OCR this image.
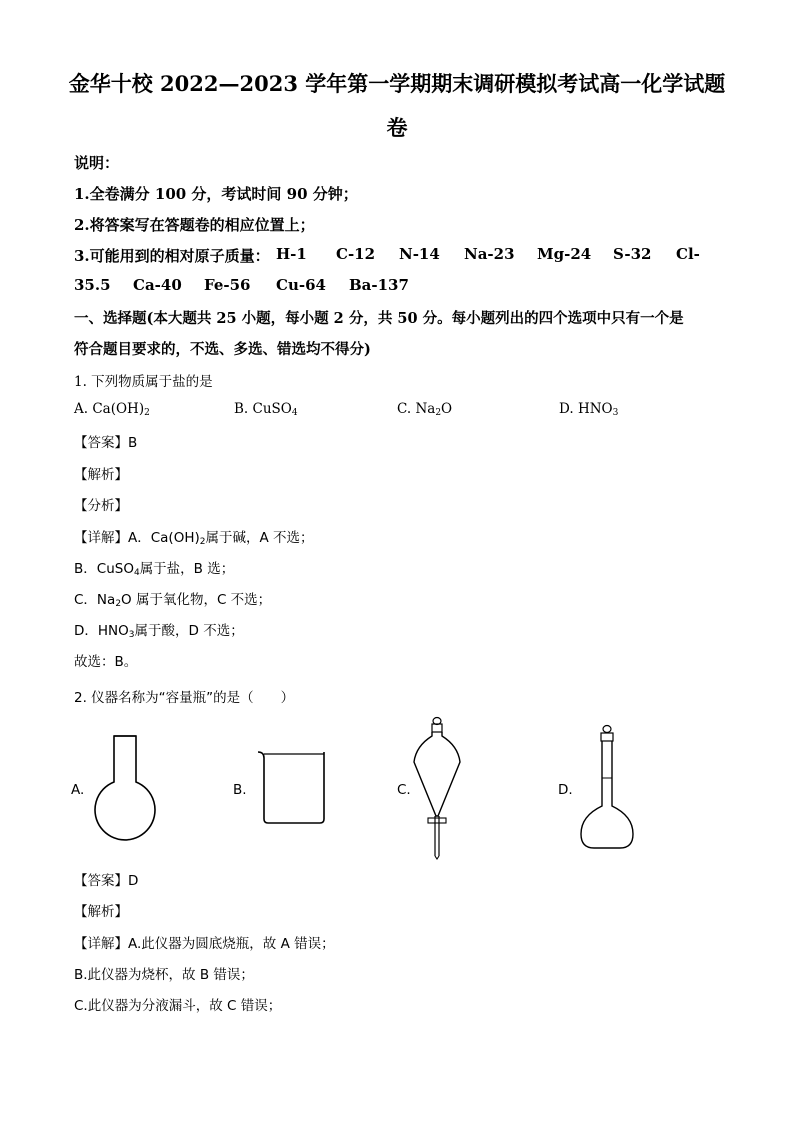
金华十校 2022—2023 学年第一学期期末调研模拟考试高一化学试题
卷
说明：
1.全卷满分 100 分，考试时间 90 分钟；
2.将答案写在答题卷的相应位置上；
3.可能用到的相对原子质量： H-1 C-12 N-14 Na-23 Mg-24 S-32 Cl-
35.5 Ca-40 Fe-56 Cu-64 Ba-137
一、选择题(本大题共 25 小题，每小题 2 分，共 50 分。每小题列出的四个选项中只有一个是
符合题目要求的，不选、多选、错选均不得分)
1. 下列物质属于盐的是
A. $Ca(OH)_2$	B. CuSO$_4$	C. $Na_2O$	D. $HNO_3$
【答案】B
【解析】
【分析】
【详解】A．$Ca(OH)_2$属于碱，A 不选；
B．CuSO$_4$属于盐，B 选；
C．$Na_2O$ 属于氧化物，C 不选；
D．$HNO_3$属于酸，D 不选；
故选：B。
2. 仪器名称为“容量瓶”的是（　　）
A.	B.	C.	D.
【答案】D
【解析】
【详解】A.此仪器为圆底烧瓶，故 A 错误；
B.此仪器为烧杯，故 B 错误；
C.此仪器为分液漏斗，故 C 错误；
